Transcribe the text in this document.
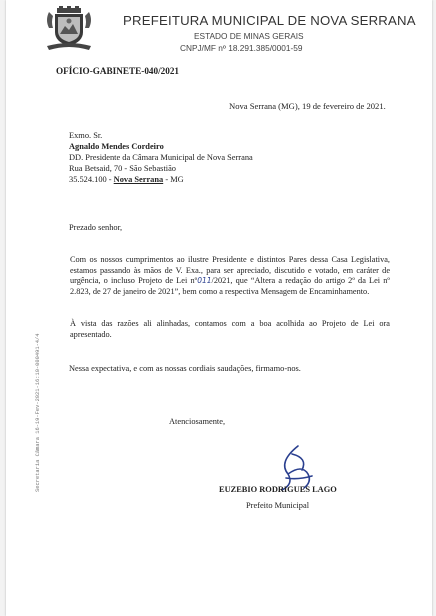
PREFEITURA MUNICIPAL DE NOVA SERRANA
ESTADO DE MINAS GERAIS
CNPJ/MF nº 18.291.385/0001-59
OFÍCIO-GABINETE-040/2021
Nova Serrana (MG), 19 de fevereiro de 2021.
Exmo. Sr.
Agnaldo Mendes Cordeiro
DD. Presidente da Câmara Municipal de Nova Serrana
Rua Betsaid, 70 - São Sebastião
35.524.100 - Nova Serrana - MG
Prezado senhor,
Com os nossos cumprimentos ao ilustre Presidente e distintos Pares dessa Casa Legislativa, estamos passando às mãos de V. Exa., para ser apreciado, discutido e votado, em caráter de urgência, o incluso Projeto de Lei nº011/2021, que “Altera a redação do artigo 2º da Lei nº 2.823, de 27 de janeiro de 2021”, bem como a respectiva Mensagem de Encaminhamento.
À vista das razões ali alinhadas, contamos com a boa acolhida ao Projeto de Lei ora apresentado.
Nessa expectativa, e com as nossas cordiais saudações, firmamo-nos.
Atenciosamente,
EUZEBIO RODRIGUES LAGO
Prefeito Municipal
Secretaria Câmara 16-19-Fev-2021-16:10-000491-4/4
